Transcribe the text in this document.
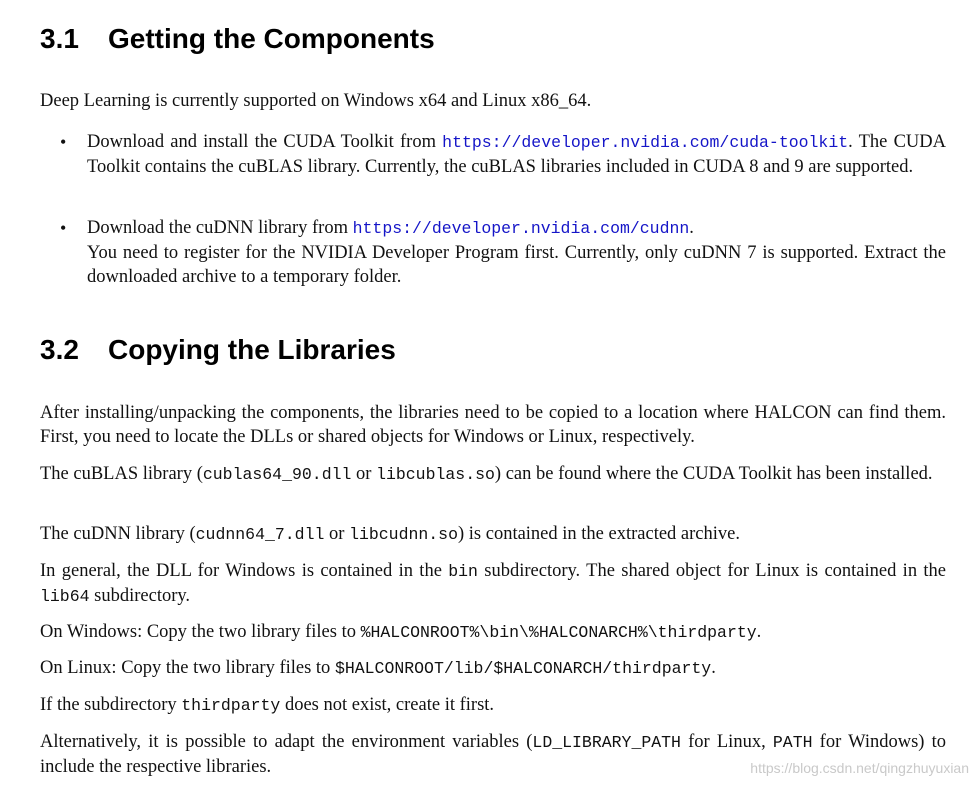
3.1 Getting the Components

Deep Learning is currently supported on Windows x64 and Linux x86_64.

• Download and install the CUDA Toolkit from https://developer.nvidia.com/cuda-toolkit. The CUDA Toolkit contains the cuBLAS library. Currently, the cuBLAS libraries included in CUDA 8 and 9 are supported.

• Download the cuDNN library from https://developer.nvidia.com/cudnn.
You need to register for the NVIDIA Developer Program first. Currently, only cuDNN 7 is supported. Extract the downloaded archive to a temporary folder.

3.2 Copying the Libraries

After installing/unpacking the components, the libraries need to be copied to a location where HALCON can find them. First, you need to locate the DLLs or shared objects for Windows or Linux, respectively.

The cuBLAS library (cublas64_90.dll or libcublas.so) can be found where the CUDA Toolkit has been installed.

The cuDNN library (cudnn64_7.dll or libcudnn.so) is contained in the extracted archive.

In general, the DLL for Windows is contained in the bin subdirectory. The shared object for Linux is contained in the lib64 subdirectory.

On Windows: Copy the two library files to %HALCONROOT%\bin\%HALCONARCH%\thirdparty.

On Linux: Copy the two library files to $HALCONROOT/lib/$HALCONARCH/thirdparty.

If the subdirectory thirdparty does not exist, create it first.

Alternatively, it is possible to adapt the environment variables (LD_LIBRARY_PATH for Linux, PATH for Windows) to include the respective libraries.	https://blog.csdn.net/qingzhuyuxian
